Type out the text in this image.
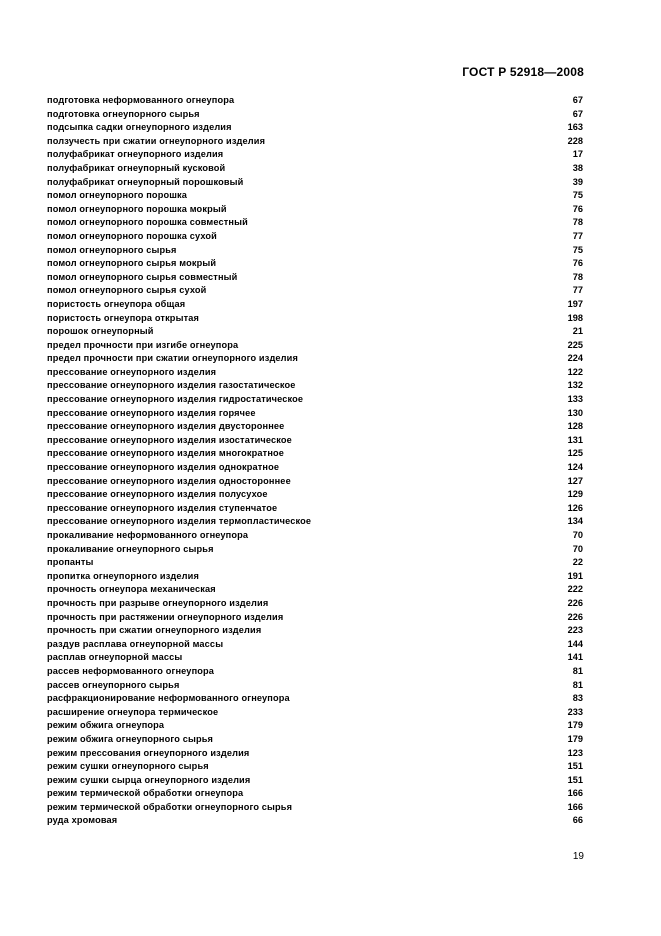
ГОСТ Р 52918—2008
подготовка неформованного огнеупора	67
подготовка огнеупорного сырья	67
подсыпка садки огнеупорного изделия	163
ползучесть при сжатии огнеупорного изделия	228
полуфабрикат огнеупорного изделия	17
полуфабрикат огнеупорный кусковой	38
полуфабрикат огнеупорный порошковый	39
помол огнеупорного порошка	75
помол огнеупорного порошка мокрый	76
помол огнеупорного порошка совместный	78
помол огнеупорного порошка сухой	77
помол огнеупорного сырья	75
помол огнеупорного сырья мокрый	76
помол огнеупорного сырья совместный	78
помол огнеупорного сырья сухой	77
пористость огнеупора общая	197
пористость огнеупора открытая	198
порошок огнеупорный	21
предел прочности при изгибе огнеупора	225
предел прочности при сжатии огнеупорного изделия	224
прессование огнеупорного изделия	122
прессование огнеупорного изделия газостатическое	132
прессование огнеупорного изделия гидростатическое	133
прессование огнеупорного изделия горячее	130
прессование огнеупорного изделия двустороннее	128
прессование огнеупорного изделия изостатическое	131
прессование огнеупорного изделия многократное	125
прессование огнеупорного изделия однократное	124
прессование огнеупорного изделия одностороннее	127
прессование огнеупорного изделия полусухое	129
прессование огнеупорного изделия ступенчатое	126
прессование огнеупорного изделия термопластическое	134
прокаливание неформованного огнеупора	70
прокаливание огнеупорного сырья	70
пропанты	22
пропитка огнеупорного изделия	191
прочность огнеупора механическая	222
прочность при разрыве огнеупорного изделия	226
прочность при растяжении огнеупорного изделия	226
прочность при сжатии огнеупорного изделия	223
раздув расплава огнеупорной массы	144
расплав огнеупорной массы	141
рассев неформованного огнеупора	81
рассев огнеупорного сырья	81
расфракционирование неформованного огнеупора	83
расширение огнеупора термическое	233
режим обжига огнеупора	179
режим обжига огнеупорного сырья	179
режим прессования огнеупорного изделия	123
режим сушки огнеупорного сырья	151
режим сушки сырца огнеупорного изделия	151
режим термической обработки огнеупора	166
режим термической обработки огнеупорного сырья	166
руда хромовая	66
19
